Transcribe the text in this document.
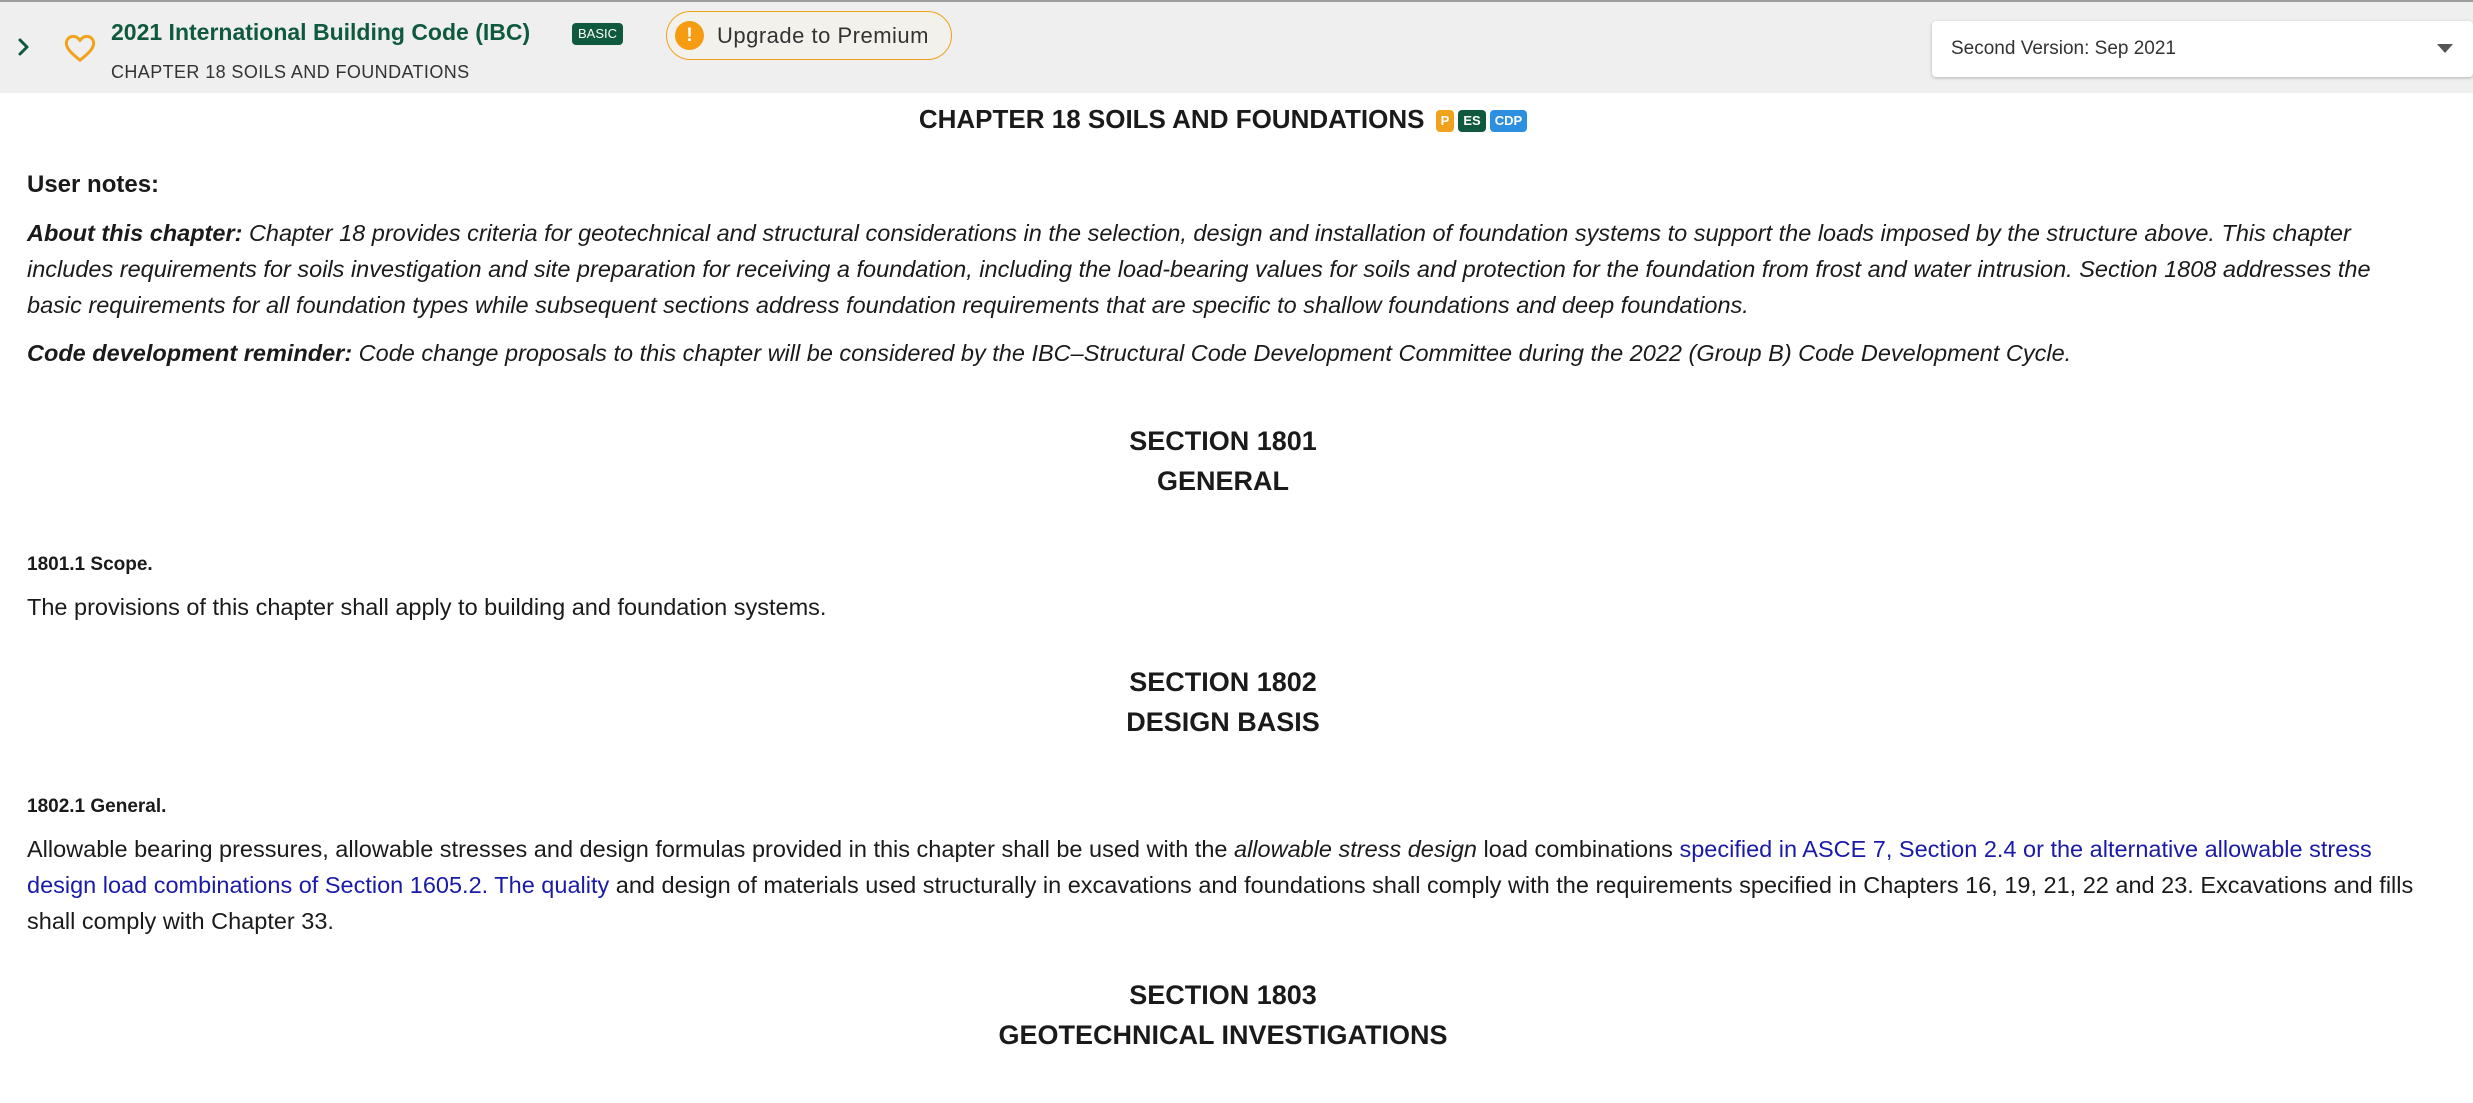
2021 International Building Code (IBC)	BASIC	!	Upgrade to Premium
CHAPTER 18 SOILS AND FOUNDATIONS
Second Version: Sep 2021
CHAPTER 18 SOILS AND FOUNDATIONS P ES CDP
User notes:

About this chapter: Chapter 18 provides criteria for geotechnical and structural considerations in the selection, design and installation of foundation systems to support the loads imposed by the structure above. This chapter includes requirements for soils investigation and site preparation for receiving a foundation, including the load-bearing values for soils and protection for the foundation from frost and water intrusion. Section 1808 addresses the basic requirements for all foundation types while subsequent sections address foundation requirements that are specific to shallow foundations and deep foundations.

Code development reminder: Code change proposals to this chapter will be considered by the IBC–Structural Code Development Committee during the 2022 (Group B) Code Development Cycle.

SECTION 1801
GENERAL
1801.1 Scope.

The provisions of this chapter shall apply to building and foundation systems.

SECTION 1802
DESIGN BASIS
1802.1 General.

Allowable bearing pressures, allowable stresses and design formulas provided in this chapter shall be used with the allowable stress design load combinations specified in ASCE 7, Section 2.4 or the alternative allowable stress design load combinations of Section 1605.2. The quality and design of materials used structurally in excavations and foundations shall comply with the requirements specified in Chapters 16, 19, 21, 22 and 23. Excavations and fills shall comply with Chapter 33.

SECTION 1803
GEOTECHNICAL INVESTIGATIONS
